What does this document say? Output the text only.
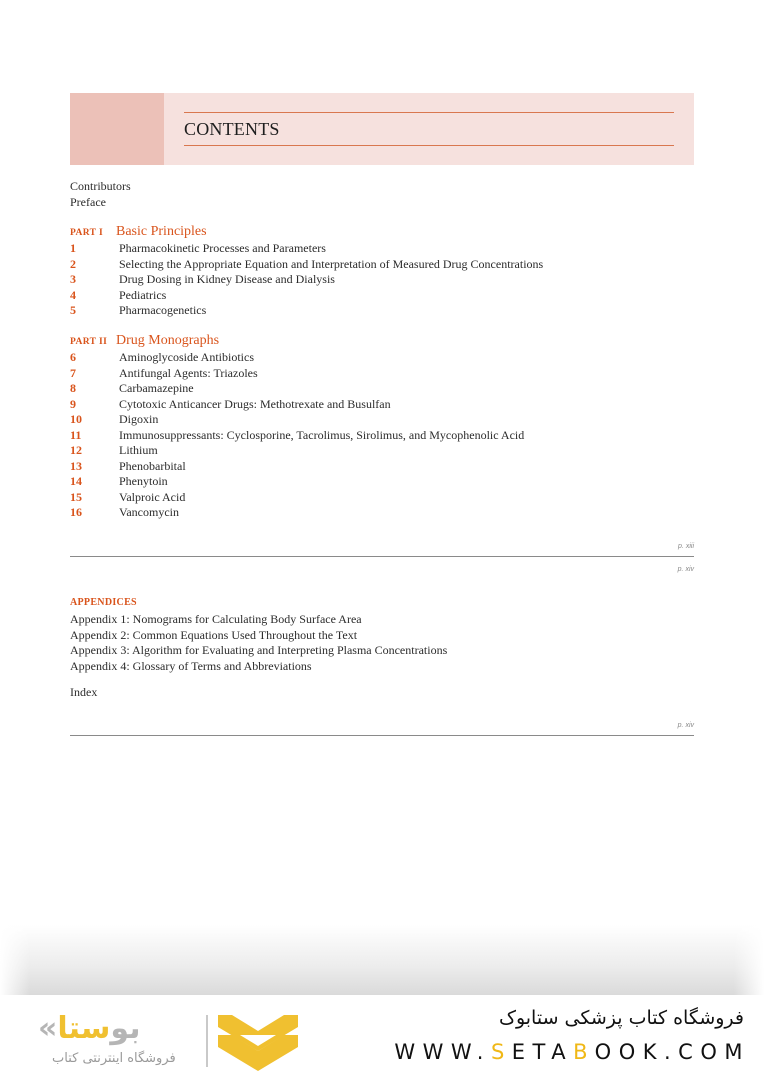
CONTENTS
Contributors
Preface
PART I Basic Principles
1	Pharmacokinetic Processes and Parameters
2	Selecting the Appropriate Equation and Interpretation of Measured Drug Concentrations
3	Drug Dosing in Kidney Disease and Dialysis
4	Pediatrics
5	Pharmacogenetics
PART II Drug Monographs
6	Aminoglycoside Antibiotics
7	Antifungal Agents: Triazoles
8	Carbamazepine
9	Cytotoxic Anticancer Drugs: Methotrexate and Busulfan
10	Digoxin
11	Immunosuppressants: Cyclosporine, Tacrolimus, Sirolimus, and Mycophenolic Acid
12	Lithium
13	Phenobarbital
14	Phenytoin
15	Valproic Acid
16	Vancomycin
p. xiii
p. xiv
APPENDICES
Appendix 1: Nomograms for Calculating Body Surface Area
Appendix 2: Common Equations Used Throughout the Text
Appendix 3: Algorithm for Evaluating and Interpreting Plasma Concentrations
Appendix 4: Glossary of Terms and Abbreviations
Index
p. xiv
«بوستا
فروشگاه اینترنتی کتاب
فروشگاه کتاب پزشکی ستابوک
WWW.SETABOOK.COM
